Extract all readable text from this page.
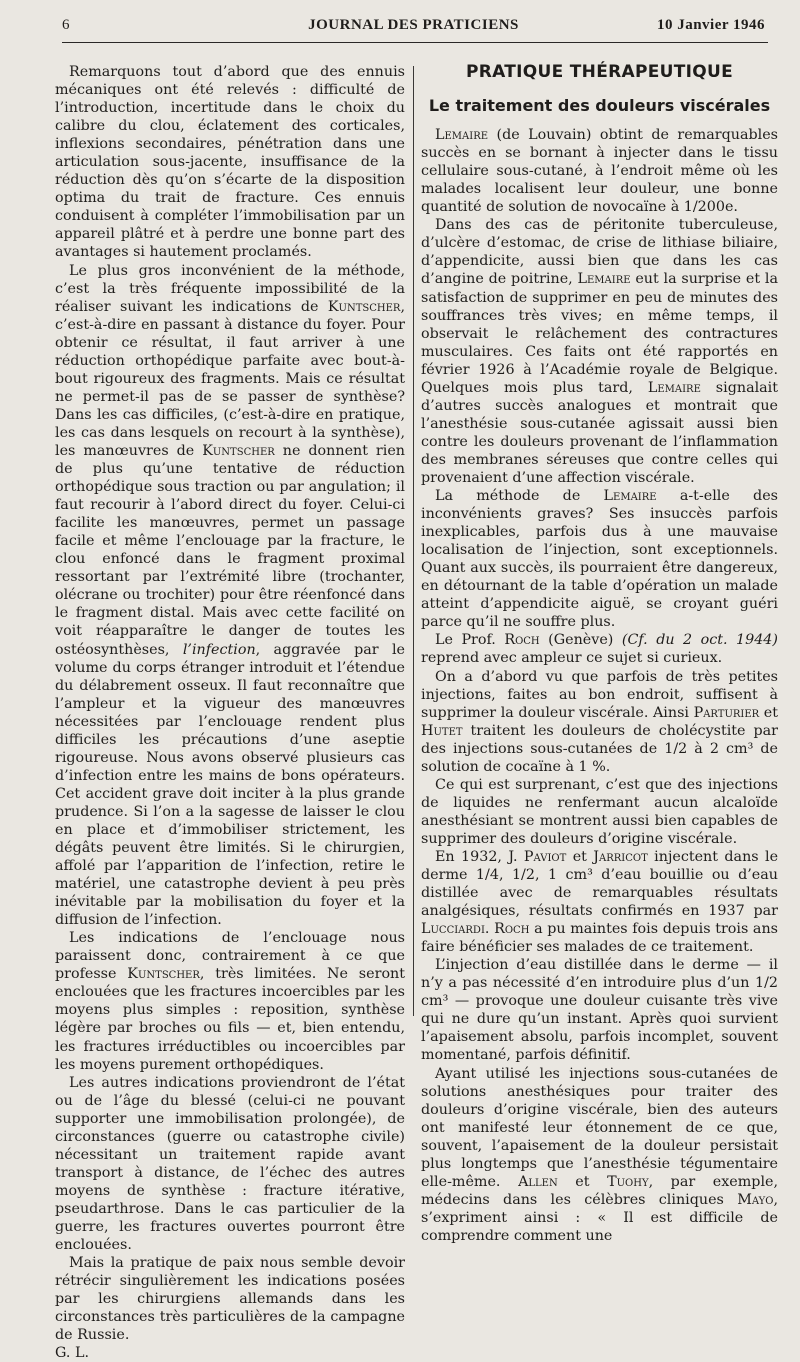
6	JOURNAL DES PRATICIENS	10 Janvier 1946

Remarquons tout d’abord que des ennuis mécaniques ont été relevés : difficulté de l’introduction, incertitude dans le choix du calibre du clou, éclatement des corticales, inflexions secondaires, pénétration dans une articulation sous-jacente, insuffisance de la réduction dès qu’on s’écarte de la disposition optima du trait de fracture. Ces ennuis conduisent à compléter l’immobilisation par un appareil plâtré et à perdre une bonne part des avantages si hautement proclamés.

Le plus gros inconvénient de la méthode, c’est la très fréquente impossibilité de la réaliser suivant les indications de Kuntscher, c’est-à-dire en passant à distance du foyer. Pour obtenir ce résultat, il faut arriver à une réduction orthopédique parfaite avec bout-à-bout rigoureux des fragments. Mais ce résultat ne permet-il pas de se passer de synthèse? Dans les cas difficiles, (c’est-à-dire en pratique, les cas dans lesquels on recourt à la synthèse), les manœuvres de Kuntscher ne donnent rien de plus qu’une tentative de réduction orthopédique sous traction ou par angulation; il faut recourir à l’abord direct du foyer. Celui-ci facilite les manœuvres, permet un passage facile et même l’enclouage par la fracture, le clou enfoncé dans le fragment proximal ressortant par l’extrémité libre (trochanter, olécrane ou trochiter) pour être réenfoncé dans le fragment distal. Mais avec cette facilité on voit réapparaître le danger de toutes les ostéosynthèses, l’infection, aggravée par le volume du corps étranger introduit et l’étendue du délabrement osseux. Il faut reconnaître que l’ampleur et la vigueur des manœuvres nécessitées par l’enclouage rendent plus difficiles les précautions d’une aseptie rigoureuse. Nous avons observé plusieurs cas d’infection entre les mains de bons opérateurs. Cet accident grave doit inciter à la plus grande prudence. Si l’on a la sagesse de laisser le clou en place et d’immobiliser strictement, les dégâts peuvent être limités. Si le chirurgien, affolé par l’apparition de l’infection, retire le matériel, une catastrophe devient à peu près inévitable par la mobilisation du foyer et la diffusion de l’infection.

Les indications de l’enclouage nous paraissent donc, contrairement à ce que professe Kuntscher, très limitées. Ne seront enclouées que les fractures incoercibles par les moyens plus simples : reposition, synthèse légère par broches ou fils — et, bien entendu, les fractures irréductibles ou incoercibles par les moyens purement orthopédiques.

Les autres indications proviendront de l’état ou de l’âge du blessé (celui-ci ne pouvant supporter une immobilisation prolongée), de circonstances (guerre ou catastrophe civile) nécessitant un traitement rapide avant transport à distance, de l’échec des autres moyens de synthèse : fracture itérative, pseudarthrose. Dans le cas particulier de la guerre, les fractures ouvertes pourront être enclouées.

Mais la pratique de paix nous semble devoir rétrécir singulièrement les indications posées par les chirurgiens allemands dans les circonstances très particulières de la campagne de Russie.

G. L.

PRATIQUE THÉRAPEUTIQUE
Le traitement des douleurs viscérales

Lemaire (de Louvain) obtint de remarquables succès en se bornant à injecter dans le tissu cellulaire sous-cutané, à l’endroit même où les malades localisent leur douleur, une bonne quantité de solution de novocaïne à 1/200e.

Dans des cas de péritonite tuberculeuse, d’ulcère d’estomac, de crise de lithiase biliaire, d’appendicite, aussi bien que dans les cas d’angine de poitrine, Lemaire eut la surprise et la satisfaction de supprimer en peu de minutes des souffrances très vives; en même temps, il observait le relâchement des contractures musculaires. Ces faits ont été rapportés en février 1926 à l’Académie royale de Belgique. Quelques mois plus tard, Lemaire signalait d’autres succès analogues et montrait que l’anesthésie sous-cutanée agissait aussi bien contre les douleurs provenant de l’inflammation des membranes séreuses que contre celles qui provenaient d’une affection viscérale.

La méthode de Lemaire a-t-elle des inconvénients graves? Ses insuccès parfois inexplicables, parfois dus à une mauvaise localisation de l’injection, sont exceptionnels. Quant aux succès, ils pourraient être dangereux, en détournant de la table d’opération un malade atteint d’appendicite aiguë, se croyant guéri parce qu’il ne souffre plus.

Le Prof. Roch (Genève) (Cf. du 2 oct. 1944) reprend avec ampleur ce sujet si curieux.

On a d’abord vu que parfois de très petites injections, faites au bon endroit, suffisent à supprimer la douleur viscérale. Ainsi Parturier et Hutet traitent les douleurs de cholécystite par des injections sous-cutanées de 1/2 à 2 cm³ de solution de cocaïne à 1 %.

Ce qui est surprenant, c’est que des injections de liquides ne renfermant aucun alcaloïde anesthésiant se montrent aussi bien capables de supprimer des douleurs d’origine viscérale.

En 1932, J. Paviot et Jarricot injectent dans le derme 1/4, 1/2, 1 cm³ d’eau bouillie ou d’eau distillée avec de remarquables résultats analgésiques, résultats confirmés en 1937 par Lucciardi. Roch a pu maintes fois depuis trois ans faire bénéficier ses malades de ce traitement.

L’injection d’eau distillée dans le derme — il n’y a pas nécessité d’en introduire plus d’un 1/2 cm³ — provoque une douleur cuisante très vive qui ne dure qu’un instant. Après quoi survient l’apaisement absolu, parfois incomplet, souvent momentané, parfois définitif.

Ayant utilisé les injections sous-cutanées de solutions anesthésiques pour traiter des douleurs d’origine viscérale, bien des auteurs ont manifesté leur étonnement de ce que, souvent, l’apaisement de la douleur persistait plus longtemps que l’anesthésie tégumentaire elle-même. Allen et Tuohy, par exemple, médecins dans les célèbres cliniques Mayo, s’expriment ainsi : « Il est difficile de comprendre comment une
